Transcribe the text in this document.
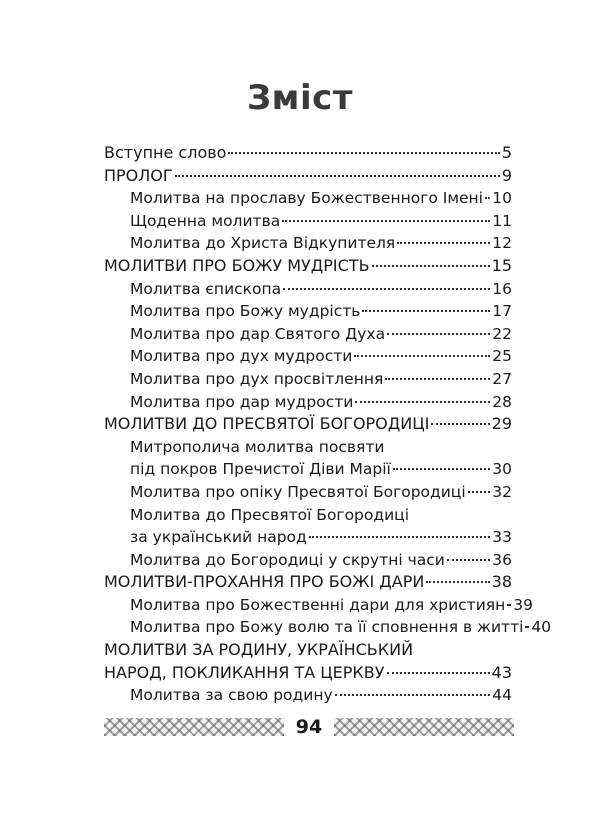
Зміст
Вступне слово	5
ПРОЛОГ	9
Молитва на прославу Божественного Імені 10
Щоденна молитва	11
Молитва до Христа Відкупителя	12
МОЛИТВИ ПРО БОЖУ МУДРІСТЬ	15
Молитва єпископа	16
Молитва про Божу мудрість	17
Молитва про дар Святого Духа	22
Молитва про дух мудрости	25
Молитва про дух просвітлення	27
Молитва про дар мудрости	28
МОЛИТВИ ДО ПРЕСВЯТОЇ БОГОРОДИЦІ	29
Митрополича молитва посвяти
під покров Пречистої Діви Марії	30
Молитва про опіку Пресвятої Богородиці 32
Молитва до Пресвятої Богородиці
за український народ	33
Молитва до Богородиці у скрутні часи	36
МОЛИТВИ-ПРОХАННЯ ПРО БОЖІ ДАРИ	38
Молитва про Божественні дари для християн 39
Молитва про Божу волю та її сповнення в житті 40
МОЛИТВИ ЗА РОДИНУ, УКРАЇНСЬКИЙ
НАРОД, ПОКЛИКАННЯ ТА ЦЕРКВУ	43
Молитва за свою родину	44
94
